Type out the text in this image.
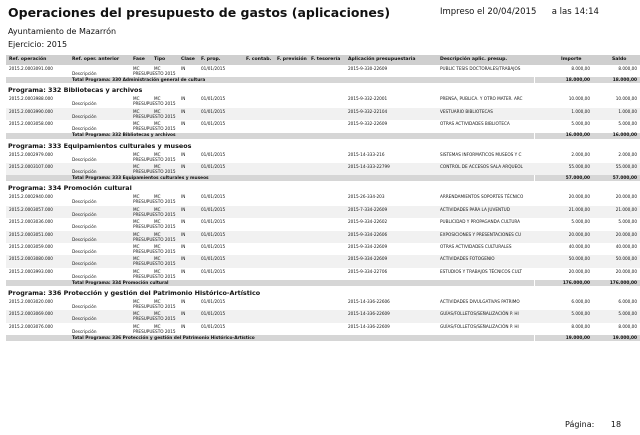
Operaciones del presupuesto de gastos (aplicaciones)	Impreso el 20/04/2015 a las 14:14
Ayuntamiento de Mazarrón
Ejercicio: 2015
Ref. operación	Ref. oper. anterior	Fase Tipo	Clase F. prop.	F. contab. F. previsión F. tesorería Aplicación presupuestaria	Descripción aplic. presup.	Importe	Saldo
2015.2.0003091.000	MC	MC	IN	01/01/2015	2015-9-330-22609	PUBLIC TESIS DOCTORALES/TRABAJOS	8.000,00	8.000,00
Descripción	PRESUPUESTO 2015
Total Programa: 330 Administración general de cultura	18.000,00	18.000,00
Programa: 332 Bibliotecas y archivos
2015.2.0003988.000	MC	MC	IN	01/01/2015	2015-9-332-22001	PRENSA, PUBLICA. Y OTRO MATER. ARC	10.000,00	10.000,00
Descripción	PRESUPUESTO 2015
2015.2.0003990.000	MC	MC	IN	01/01/2015	2015-9-332-22104	VESTUARIO BIBLIOTECAS	1.000,00	1.000,00
Descripción	PRESUPUESTO 2015
2015.2.0003058.000	MC	MC	IN	01/01/2015	2015-9-332-22609	OTRAS ACTIVIDADES BIBLIOTECA	5.000,00	5.000,00
Descripción	PRESUPUESTO 2015
Total Programa: 332 Bibliotecas y archivos	16.000,00	16.000,00
Programa: 333 Equipamientos culturales y museos
2015.2.0002979.000	MC	MC	IN	01/01/2015	2015-14-333-216	SISTEMAS INFORMATICOS MUSEOS Y C	2.000,00	2.000,00
Descripción	PRESUPUESTO 2015
2015.2.0003107.000	MC	MC	IN	01/01/2015	2015-14-333-22799	CONTROL DE ACCESOS SALA ARQUEOL	55.000,00	55.000,00
Descripción	PRESUPUESTO 2015
Total Programa: 333 Equipamientos culturales y museos	57.000,00	57.000,00
Programa: 334 Promoción cultural
2015.2.0002940.000	MC	MC	IN	01/01/2015	2015-26-334-203	ARRENDAMIENTOS SOPORTES TÉCNICO	20.000,00	20.000,00
Descripción	PRESUPUESTO 2015
2015.2.0003057.000	MC	MC	IN	01/01/2015	2015-7-334-22609	ACTIVIDADES PARA LA JUVENTUD	21.000,00	21.000,00
Descripción	PRESUPUESTO 2015
2015.2.0003036.000	MC	MC	IN	01/01/2015	2015-9-334-22602	PUBLICIDAD Y PROPAGANDA CULTURA	5.000,00	5.000,00
Descripción	PRESUPUESTO 2015
2015.2.0003051.000	MC	MC	IN	01/01/2015	2015-9-334-22606	EXPOSICIONES Y PRESENTACIONES CU	20.000,00	20.000,00
Descripción	PRESUPUESTO 2015
2015.2.0003059.000	MC	MC	IN	01/01/2015	2015-9-334-22609	OTRAS ACTIVIDADES CULTURALES	40.000,00	40.000,00
Descripción	PRESUPUESTO 2015
2015.2.0003080.000	MC	MC	IN	01/01/2015	2015-9-334-22609	ACTIVIDADES FOTOGENIO	50.000,00	50.000,00
Descripción	PRESUPUESTO 2015
2015.2.0003993.000	MC	MC	IN	01/01/2015	2015-9-334-22706	ESTUDIOS Y TRABAJOS TÉCNICOS CULT	20.000,00	20.000,00
Descripción	PRESUPUESTO 2015
Total Programa: 334 Promoción cultural	176.000,00	176.000,00
Programa: 336 Protección y gestión del Patrimonio Histórico-Artístico
2015.2.0003020.000	MC	MC	IN	01/01/2015	2015-14-336-22606	ACTIVIDADES DIVULGATIVAS PATRIMO	6.000,00	6.000,00
Descripción	PRESUPUESTO 2015
2015.2.0003069.000	MC	MC	IN	01/01/2015	2015-14-336-22609	GUÍAS/FOLLETOS/SEÑALIZACIÓN P. HI	5.000,00	5.000,00
Descripción	PRESUPUESTO 2015
2015.2.0003076.000	MC	MC	IN	01/01/2015	2015-14-336-22609	GUÍAS/FOLLETOS/SEÑALIZACIÓN P. HI	8.000,00	8.000,00
Descripción	PRESUPUESTO 2015
Total Programa: 336 Protección y gestión del Patrimonio Histórico-Artístico	19.000,00	19.000,00
Página: 18
